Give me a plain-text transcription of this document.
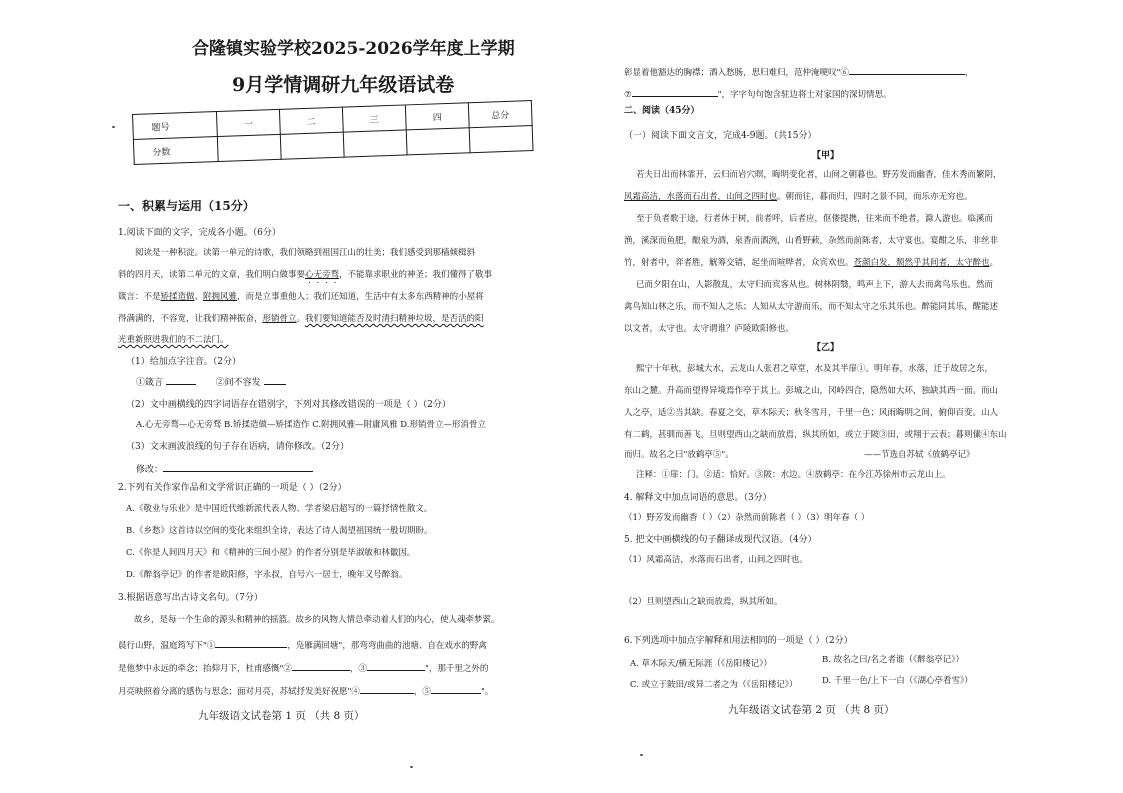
合隆镇实验学校2025-2026学年度上学期
9月学情调研九年级语试卷
题号	一	二	三	四	总分
分数					
一、积累与运用（15分）
1.阅读下面的文字，完成各小题。（6分）
阅读是一种积淀。读第一单元的诗歌，我们领略到祖国江山的壮美；我们感受到那樯倾楫斜
斜的四月天，读第二单元的文章，我们明白做事要心无旁骛，不能靠求职业的神圣；我们懂得了敬事
箴言：不是矫揉造做、附拥风雅，而是立事重他人；我们还知道，生活中有太多东西精神的小屋将
得满满的，不容宽，让我们精神振奋，形销骨立。我们要知道能否及时清扫精神垃圾，是否活的阳
光重新照进我们的不二法门。
（1）给加点字注音。（2分）
①箴言	②间不容发
（2）文中画横线的四字词语存在错别字，下列对其修改错误的一项是（ ）（2分）
A.心无旁骛—心无旁骛 B.矫揉造做—矫揉造作 C.附拥风雅—附庸风雅 D.形销骨立—形消骨立
（3）文末画波浪线的句子存在语病，请你修改。（2分）
修改：
2.下列有关作家作品和文学常识正确的一项是（ ）（2分）
A.《敬业与乐业》是中国近代维新派代表人物、学者梁启超写的一篇抒情性散文。
B.《乡愁》这首诗以空间的变化来组织全诗，表达了诗人渴望祖国统一般切期盼。
C.《你是人间四月天》和《精神的三间小屋》的作者分别是毕淑敏和林徽因。
D.《醉翁亭记》的作者是欧阳修，字永叔，自号六一居士，晚年又号醉翁。
3.根据语意写出古诗文名句。（7分）
故乡，是每一个生命的源头和精神的摇篮。故乡的风物人情总牵动着人们的内心，使人魂牵梦萦。
晨行山野，温庭筠写下"①	，凫雁满回塘"，那弯弯曲曲的池塘、自在戏水的野禽
是他梦中永远的牵念；抬仰月下，杜甫感慨"②	，③	"，那千里之外的
月亮映照着分离的感伤与思念；面对月亮，苏轼抒发美好祝愿"④	，⑤	"。
九年级语文试卷第 1 页 （共 8 页）
彰显着他豁达的胸襟；酒入愁肠，思归难归，范仲淹哽叹"⑥	，
⑦	"，字字句句饱含驻边将士对家国的深切情思。
二、阅读（45分）
（一）阅读下面文言文，完成4-9题。（共15分）
【甲】
若夫日出而林霏开，云归而岩穴暝，晦明变化者，山间之朝暮也。野芳发而幽香，佳木秀而繁阴，
风霜高洁，水落而石出者，山间之四时也。朝而往，暮而归，四时之景不同，而乐亦无穷也。
至于负者歌于途，行者休于树，前者呼，后者应，伛偻提携，往来而不绝者，滁人游也。临溪而
渔，溪深而鱼肥，酿泉为酒，泉香而酒洌，山肴野蔌，杂然而前陈者，太守宴也。宴酣之乐，非丝非
竹，射者中，弈者胜，觥筹交错，起坐而喧哗者，众宾欢也。苍颜白发，颓然乎其间者，太守醉也。
已而夕阳在山，人影散乱，太守归而宾客从也。树林阴翳，鸣声上下，游人去而禽鸟乐也。然而
禽鸟知山林之乐，而不知人之乐；人知从太守游而乐，而不知太守之乐其乐也。醉能同其乐，醒能述
以文者，太守也。太守谓谁？庐陵欧阳修也。
【乙】
熙宁十年秋，彭城大水，云龙山人张君之草堂，水及其半扉①。明年春，水落，迁于故居之东，
东山之麓。升高而望得异境焉作亭于其上。彭城之山，冈岭四合，隐然如大环，独缺其西一面。而山
人之亭，适②当其缺。春夏之交，草木际天；秋冬雪月，千里一色；风雨晦明之间，俯仰百变。山人
有二鹤，甚驯而善飞。旦则望西山之缺而放焉，纵其所如，或立于陂③田，或翔于云表；暮则傃④东山
而归。故名之曰"放鹤亭⑤"。	——节选自苏轼《放鹤亭记》
注释：①扉：门。②适：恰好。③陂：水边。④放鹤亭：在今江苏徐州市云龙山上。
4. 解释文中加点词语的意思。（3分）
（1）野芳发而幽香（ ）（2）杂然而前陈者（ ）（3）明年春（ ）
5. 把文中画横线的句子翻译成现代汉语。（4分）
（1）风霜高洁，水落而石出者，山间之四时也。
（2）旦则望西山之缺而放焉，纵其所如。
6.下列选项中加点字解释和用法相同的一项是（ ）（2分）
A. 草木际天/横无际涯（《岳阳楼记》）	B. 故名之曰/名之者谁（《醉翁亭记》）
C. 或立于陂田/或异二者之为（《岳阳楼记》）	D. 千里一色/上下一白（《湖心亭看雪》）
九年级语文试卷第 2 页 （共 8 页）
